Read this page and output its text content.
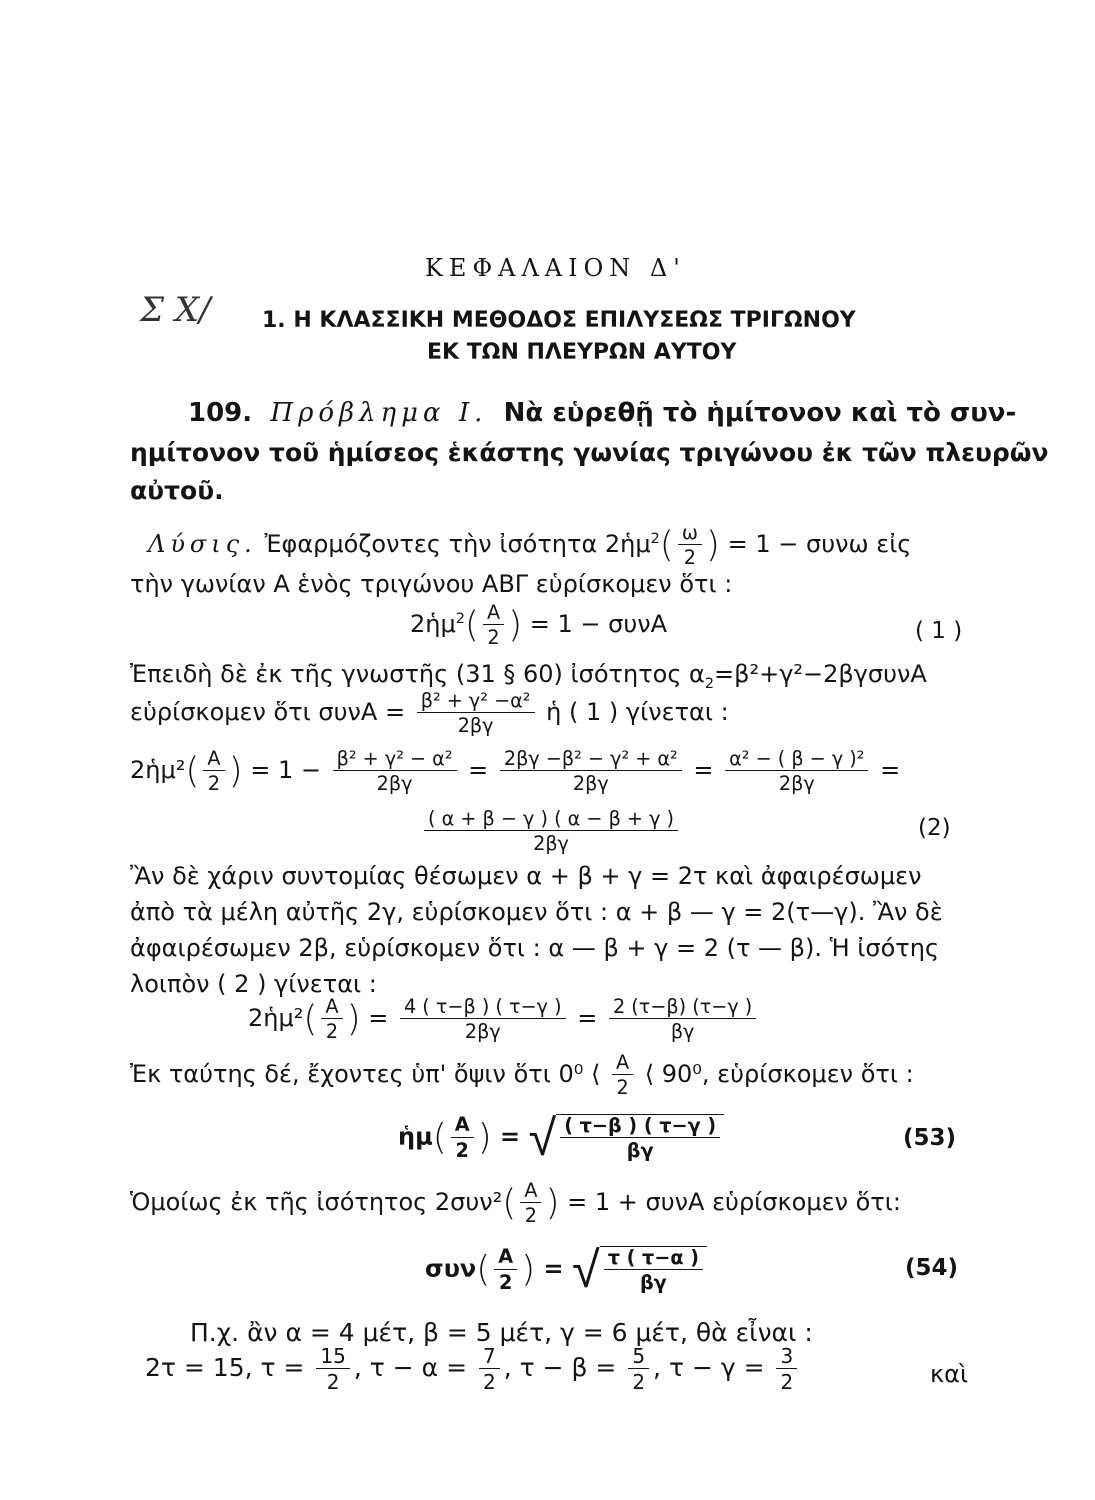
ΚΕΦΑΛΑΙΟΝ Δ'
Σ Χ/ 1. Η ΚΛΑΣΣΙΚΗ ΜΕΘΟΔΟΣ ΕΠΙΛΥΣΕΩΣ ΤΡΙΓΩΝΟΥ
ΕΚ ΤΩΝ ΠΛΕΥΡΩΝ ΑΥΤΟΥ
109. Πρόβλημα Ι. Νὰ εὑρεθῇ τὸ ἡμίτονον καὶ τὸ συν-
ημίτονον τοῦ ἡμίσεος ἑκάστης γωνίας τριγώνου ἐκ τῶν πλευρῶν
αὐτοῦ.
Λύσις. Ἐφαρμόζοντες τὴν ἰσότητα 2ἡμ$^2$( $\frac{\omega}{2}$ ) = 1 − συνω εἰς
τὴν γωνίαν Α ἑνὸς τριγώνου ΑΒΓ εὑρίσκομεν ὅτι :
2ἡμ$^2$( $\frac{A}{2}$ ) = 1 − συνΑ	( 1 )
Ἐπειδὴ δὲ ἐκ τῆς γνωστῆς (31 § 60) ἰσότητος $\alpha_2=\beta^2+\gamma^2-2\beta\gamma\sigma\upsilon\nu A$
εὑρίσκομεν ὅτι $\sigma\upsilon\nu A = \frac{\text{β² + γ² −α²}}{2\beta\gamma}$ ἡ ( 1 ) γίνεται :
2ἡμ²( $\frac{A}{2}$ ) = $1 - \frac{\text{β² + γ² − α²}}{2\beta\gamma} = \frac{\text{2βγ −β² − γ² + α²}}{2\beta\gamma} = \frac{\text{α² − ( β − γ )²}}{2\beta\gamma}$ =
$\frac{( \alpha + \beta - \gamma ) ( \alpha - \beta + \gamma )}{2\beta\gamma}$	(2)
Ἂν δὲ χάριν συντομίας θέσωμεν α + β + γ = 2τ καὶ ἀφαιρέσωμεν
ἀπὸ τὰ μέλη αὐτῆς 2γ, εὑρίσκομεν ὅτι : α + β — γ = 2(τ—γ). Ἂν δὲ
ἀφαιρέσωμεν 2β, εὑρίσκομεν ὅτι : α — β + γ = 2 (τ — β). Ἡ ἰσότης
λοιπὸν ( 2 ) γίνεται :
2ἡμ²( $\frac{A}{2}$ ) = $\frac{4 ( \tau-\beta ) ( \tau-\gamma )}{2\beta\gamma} = \frac{2 (\tau-\beta) (\tau-\gamma )}{\beta\gamma}$
Ἐκ ταύτης δέ, ἔχοντες ὑπ' ὄψιν ὅτι 0⁰ ⟨ $\frac{A}{2}$ ⟨ 90⁰, εὑρίσκομεν ὅτι :
ἡμ( $\frac{A}{2}$ ) = √ $\frac{( \tau-\beta ) ( \tau-\gamma )}{\beta\gamma}$	(53)
Ὁμοίως ἐκ τῆς ἰσότητος $2\sigma\upsilon\nu^2( \frac{A}{2}$ ) = 1 + συνΑ εὑρίσκομεν ὅτι:
$\sigma\upsilon\nu( \frac{A}{2}$ ) = √ $\frac{\tau ( \tau-\alpha )}{\beta\gamma}$	(54)
Π.χ. ἂν α = 4 μέτ, β = 5 μέτ, γ = 6 μέτ, θὰ εἶναι :
2τ = 15, $\tau = \frac{15}{2}$ , $\tau - \alpha = \frac{7}{2}$ , $\tau - \beta = \frac{5}{2}$ , $\tau - \gamma = \frac{3}{2}$	καὶ
